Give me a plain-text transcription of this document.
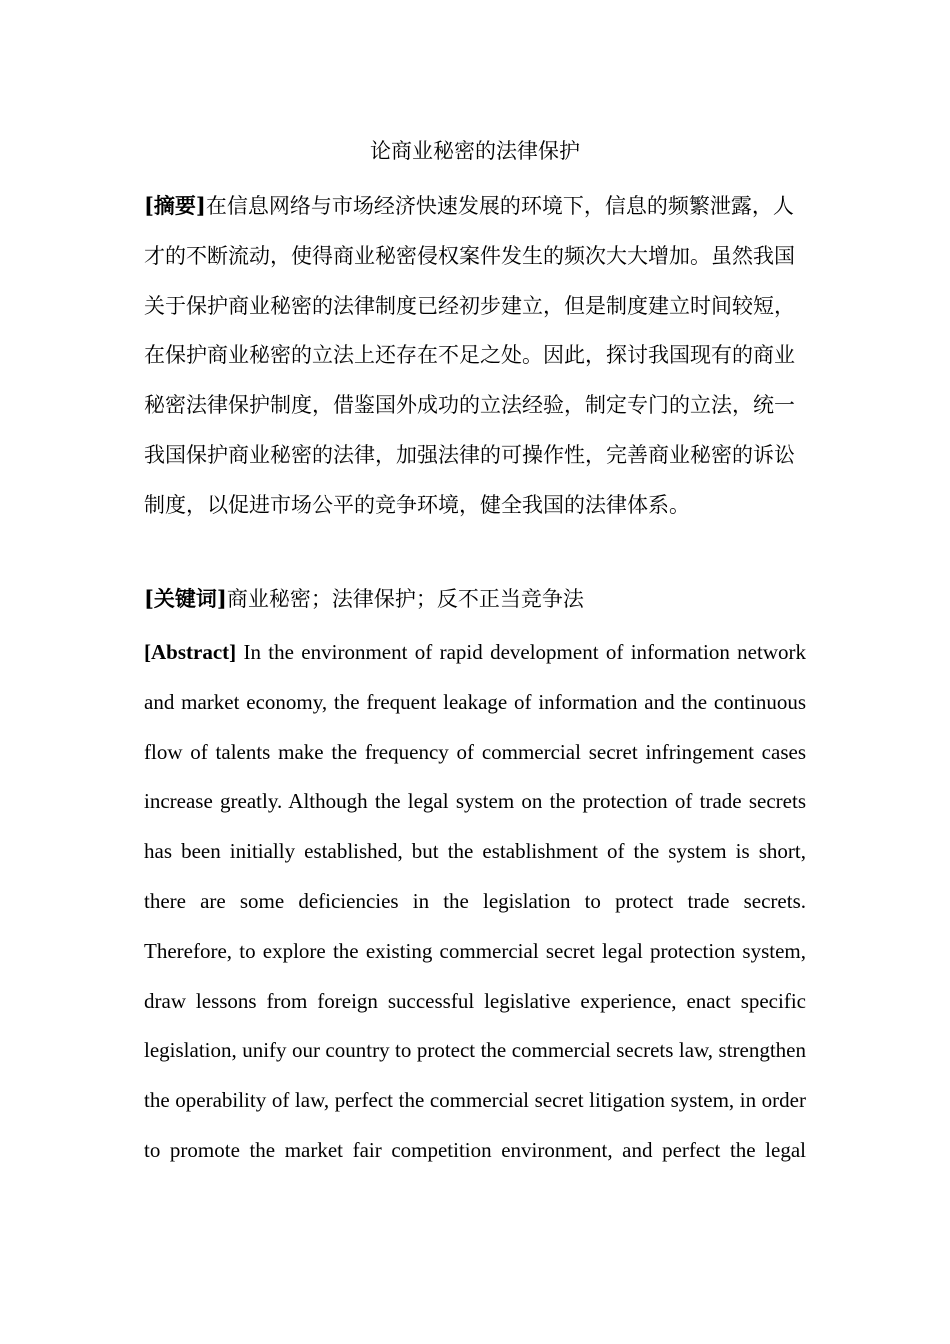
论商业秘密的法律保护

[摘要]在信息网络与市场经济快速发展的环境下，信息的频繁泄露，人才的不断流动，使得商业秘密侵权案件发生的频次大大增加。虽然我国关于保护商业秘密的法律制度已经初步建立，但是制度建立时间较短，在保护商业秘密的立法上还存在不足之处。因此，探讨我国现有的商业秘密法律保护制度，借鉴国外成功的立法经验，制定专门的立法，统一我国保护商业秘密的法律，加强法律的可操作性，完善商业秘密的诉讼制度，以促进市场公平的竞争环境，健全我国的法律体系。

[关键词]商业秘密；法律保护；反不正当竞争法

[Abstract] In the environment of rapid development of information network and market economy, the frequent leakage of information and the continuous flow of talents make the frequency of commercial secret infringement cases increase greatly. Although the legal system on the protection of trade secrets has been initially established, but the establishment of the system is short, there are some deficiencies in the legislation to protect trade secrets. Therefore, to explore the existing commercial secret legal protection system, draw lessons from foreign successful legislative experience, enact specific legislation, unify our country to protect the commercial secrets law, strengthen the operability of law, perfect the commercial secret litigation system, in order to promote the market fair competition environment, and perfect the legal
